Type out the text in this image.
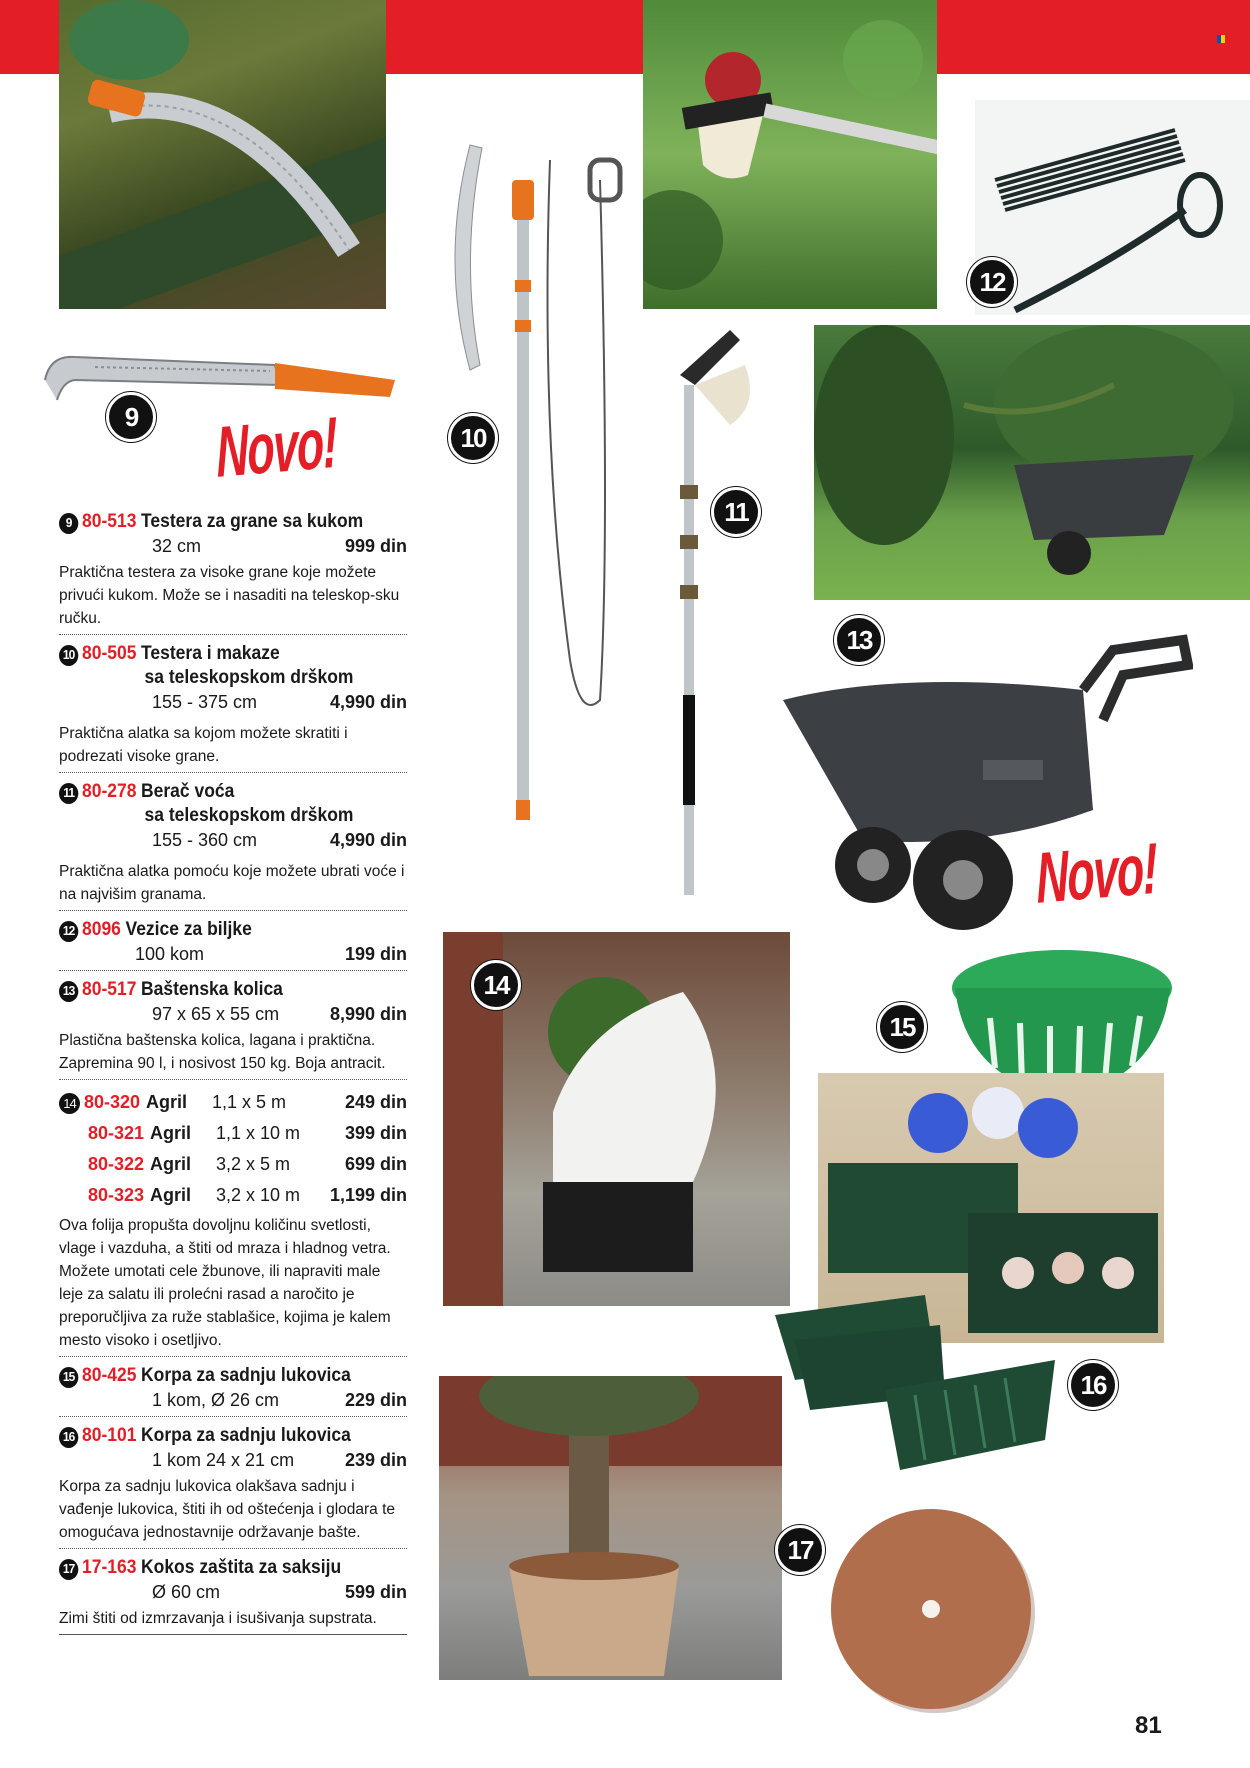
9
10
11
12
13
14
15
16
17
Novo!
Novo!
9 80-513 Testera za grane sa kukom
32 cm	999 din
Praktična testera za visoke grane koje možete privući kukom. Može se i nasaditi na teleskop-sku ručku.
10 80-505 Testera i makaze
sa teleskopskom drškom
155 - 375 cm	4,990 din
Praktična alatka sa kojom možete skratiti i podrezati visoke grane.
11 80-278 Berač voća
sa teleskopskom drškom
155 - 360 cm	4,990 din
Praktična alatka pomoću koje možete ubrati voće i na najvišim granama.
12 8096 Vezice za biljke
100 kom	199 din
13 80-517 Baštenska kolica
97 x 65 x 55 cm	8,990 din
Plastična baštenska kolica, lagana i praktična. Zapremina 90 l, i nosivost 150 kg. Boja antracit.
14 80-320 Agril	1,1 x 5 m	249 din
80-321 Agril	1,1 x 10 m	399 din
80-322 Agril	3,2 x 5 m	699 din
80-323 Agril	3,2 x 10 m	1,199 din
Ova folija propušta dovoljnu količinu svetlosti, vlage i vazduha, a štiti od mraza i hladnog vetra. Možete umotati cele žbunove, ili napraviti male leje za salatu ili prolećni rasad a naročito je preporučljiva za ruže stablašice, kojima je kalem mesto visoko i osetljivo.
15 80-425 Korpa za sadnju lukovica
1 kom, Ø 26 cm	229 din
16 80-101 Korpa za sadnju lukovica
1 kom 24 x 21 cm	239 din
Korpa za sadnju lukovica olakšava sadnju i vađenje lukovica, štiti ih od oštećenja i glodara te omogućava jednostavnije održavanje bašte.
17 17-163 Kokos zaštita za saksiju
Ø 60 cm	599 din
Zimi štiti od izmrzavanja i isušivanja supstrata.
81
